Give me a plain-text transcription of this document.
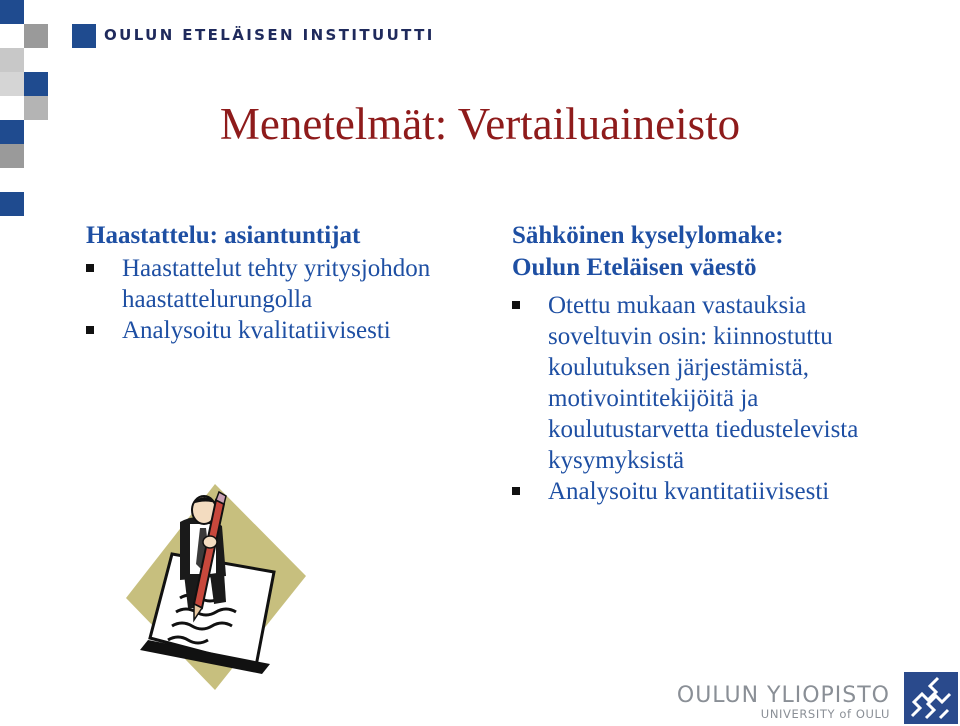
OULUN ETELÄISEN INSTITUUTTI
Menetelmät: Vertailuaineisto
Haastattelu: asiantuntijat
Haastattelut tehty yritysjohdon haastattelurungolla
Analysoitu kvalitatiivisesti
Sähköinen kyselylomake:
Oulun Eteläisen väestö
Otettu mukaan vastauksia soveltuvin osin: kiinnostuttu koulutuksen järjestämistä, motivointitekijöitä ja koulutustarvetta tiedustelevista kysymyksistä
Analysoitu kvantitatiivisesti
OULUN YLIOPISTO
UNIVERSITY of OULU
